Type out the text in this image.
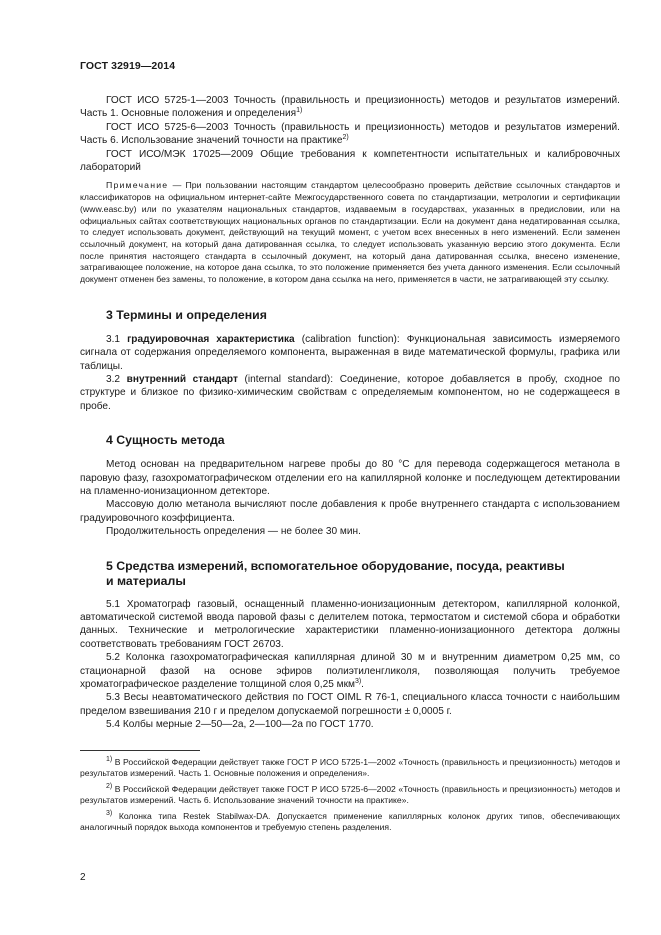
ГОСТ 32919—2014

ГОСТ ИСО 5725-1—2003 Точность (правильность и прецизионность) методов и результатов измерений. Часть 1. Основные положения и определения$^{1)}$

ГОСТ ИСО 5725-6—2003 Точность (правильность и прецизионность) методов и результатов измерений. Часть 6. Использование значений точности на практике$^{2)}$

ГОСТ ИСО/МЭК 17025—2009 Общие требования к компетентности испытательных и калибровочных лабораторий

Примечание — При пользовании настоящим стандартом целесообразно проверить действие ссылочных стандартов и классификаторов на официальном интернет-сайте Межгосударственного совета по стандартизации, метрологии и сертификации (www.easc.by) или по указателям национальных стандартов, издаваемым в государствах, указанных в предисловии, или на официальных сайтах соответствующих национальных органов по стандартизации. Если на документ дана недатированная ссылка, то следует использовать документ, действующий на текущий момент, с учетом всех внесенных в него изменений. Если заменен ссылочный документ, на который дана датированная ссылка, то следует использовать указанную версию этого документа. Если после принятия настоящего стандарта в ссылочный документ, на который дана датированная ссылка, внесено изменение, затрагивающее положение, на которое дана ссылка, то это положение применяется без учета данного изменения. Если ссылочный документ отменен без замены, то положение, в котором дана ссылка на него, применяется в части, не затрагивающей эту ссылку.

3 Термины и определения

3.1 градуировочная характеристика (calibration function): Функциональная зависимость измеряемого сигнала от содержания определяемого компонента, выраженная в виде математической формулы, графика или таблицы.

3.2 внутренний стандарт (internal standard): Соединение, которое добавляется в пробу, сходное по структуре и близкое по физико-химическим свойствам с определяемым компонентом, но не содержащееся в пробе.

4 Сущность метода

Метод основан на предварительном нагреве пробы до 80 °С для перевода содержащегося метанола в паровую фазу, газохроматографическом отделении его на капиллярной колонке и последующем детектировании на пламенно-ионизационном детекторе.

Массовую долю метанола вычисляют после добавления к пробе внутреннего стандарта с использованием градуировочного коэффициента.

Продолжительность определения — не более 30 мин.

5 Средства измерений, вспомогательное оборудование, посуда, реактивы
и материалы

5.1 Хроматограф газовый, оснащенный пламенно-ионизационным детектором, капиллярной колонкой, автоматической системой ввода паровой фазы с делителем потока, термостатом и системой сбора и обработки данных. Технические и метрологические характеристики пламенно-ионизационного детектора должны соответствовать требованиям ГОСТ 26703.

5.2 Колонка газохроматографическая капиллярная длиной 30 м и внутренним диаметром 0,25 мм, со стационарной фазой на основе эфиров полиэтиленгликоля, позволяющая получить требуемое хроматографическое разделение толщиной слоя 0,25 мкм$^{3)}$.

5.3 Весы неавтоматического действия по ГОСТ OIML R 76-1, специального класса точности с наибольшим пределом взвешивания 210 г и пределом допускаемой погрешности ± 0,0005 г.

5.4 Колбы мерные 2—50—2а, 2—100—2а по ГОСТ 1770.

$^{1)}$ В Российской Федерации действует также ГОСТ Р ИСО 5725-1—2002 «Точность (правильность и прецизионность) методов и результатов измерений. Часть 1. Основные положения и определения».

$^{2)}$ В Российской Федерации действует также ГОСТ Р ИСО 5725-6—2002 «Точность (правильность и прецизионность) методов и результатов измерений. Часть 6. Использование значений точности на практике».

$^{3)}$ Колонка типа Restek Stabilwax-DA. Допускается применение капиллярных колонок других типов, обеспечивающих аналогичный порядок выхода компонентов и требуемую степень разделения.

2
